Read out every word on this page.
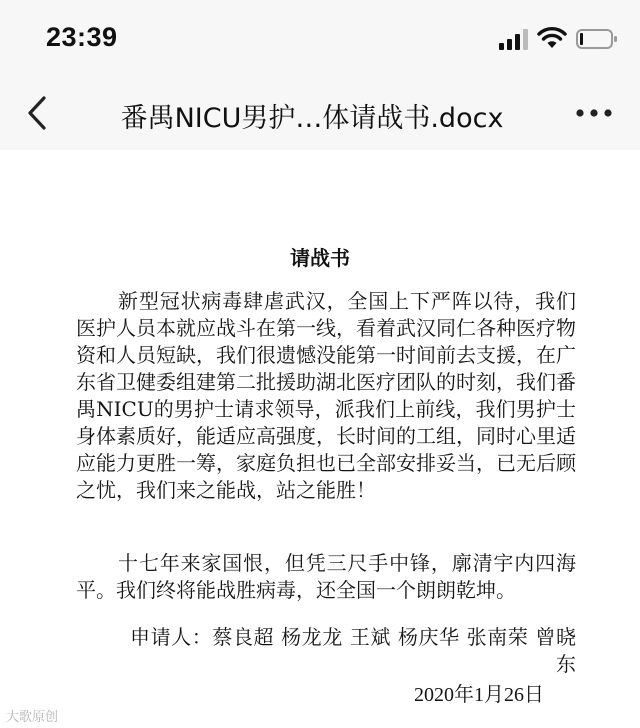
23:39
番禺NICU男护…体请战书.docx
请战书
新型冠状病毒肆虐武汉，全国上下严阵以待，我们医护人员本就应战斗在第一线，看着武汉同仁各种医疗物资和人员短缺，我们很遗憾没能第一时间前去支援，在广东省卫健委组建第二批援助湖北医疗团队的时刻，我们番禺NICU的男护士请求领导，派我们上前线，我们男护士身体素质好，能适应高强度，长时间的工组，同时心里适应能力更胜一筹，家庭负担也已全部安排妥当，已无后顾之忧，我们来之能战，站之能胜！
十七年来家国恨，但凭三尺手中锋，廓清宇内四海平。我们终将能战胜病毒，还全国一个朗朗乾坤。
申请人：蔡良超 杨龙龙 王斌 杨庆华 张南荣 曾晓东
2020年1月26日
大歌原创
